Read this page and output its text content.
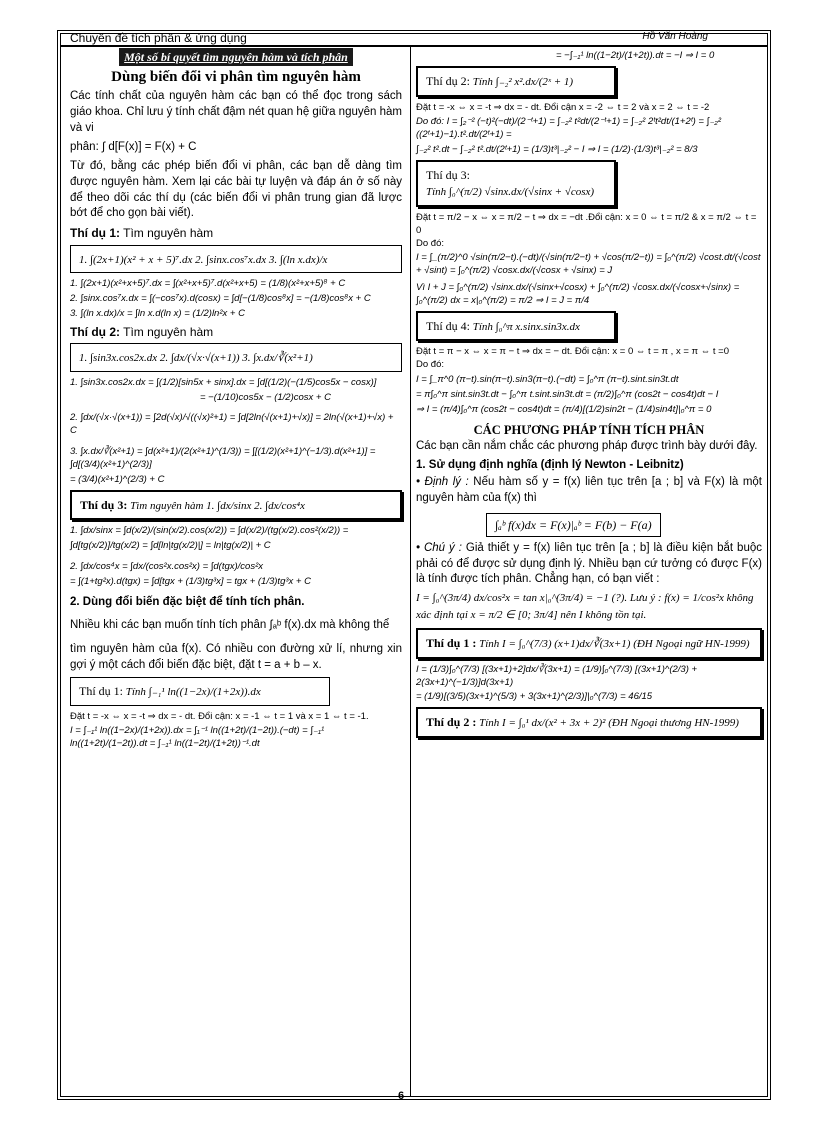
Chuyên đề tích phân & ứng dụng	Hồ Văn Hoàng
Một số bí quyết tìm nguyên hàm và tích phân
Dùng biến đổi vi phân tìm nguyên hàm
Các tính chất của nguyên hàm các bạn có thể đọc trong sách giáo khoa. Chỉ lưu ý tính chất đậm nét quan hệ giữa nguyên hàm và vi
phân: ∫ d[F(x)] = F(x) + C
Từ đó, bằng các phép biến đổi vi phân, các bạn dễ dàng tìm được nguyên hàm. Xem lại các bài tự luyện và đáp án ở số này để theo dõi các thí dụ (các biến đổi vi phân trung gian đã lược bớt để cho gọn bài viết).
Thí dụ 1: Tìm nguyên hàm
1. ∫(2x+1)(x² + x + 5)⁷.dx 2. ∫sinx.cos⁷x.dx 3. ∫(ln x.dx)/x
1. ∫(2x+1)(x²+x+5)⁷.dx = ∫(x²+x+5)⁷.d(x²+x+5) = (1/8)(x²+x+5)⁸ + C
2. ∫sinx.cos⁷x.dx = ∫(−cos⁷x).d(cosx) = ∫d[−(1/8)cos⁸x] = −(1/8)cos⁸x + C
3. ∫(ln x.dx)/x = ∫ln x.d(ln x) = (1/2)ln²x + C
Thí dụ 2: Tìm nguyên hàm
1. ∫sin3x.cos2x.dx 2. ∫dx/(√x·√(x+1)) 3. ∫x.dx/∛(x²+1)
1. ∫sin3x.cos2x.dx = ∫(1/2)[sin5x + sinx].dx = ∫d[(1/2)(−(1/5)cos5x − cosx)]
= −(1/10)cos5x − (1/2)cosx + C
2. ∫dx/(√x·√(x+1)) = ∫2d(√x)/√((√x)²+1) = ∫d[2ln(√(x+1)+√x)] = 2ln(√(x+1)+√x) + C
3. ∫x.dx/∛(x²+1) = ∫d(x²+1)/(2(x²+1)^(1/3)) = ∫[(1/2)(x²+1)^(−1/3).d(x²+1)] = ∫d[(3/4)(x²+1)^(2/3)]
= (3/4)(x²+1)^(2/3) + C
Thí dụ 3: Tìm nguyên hàm 1. ∫dx/sinx 2. ∫dx/cos⁴x
1. ∫dx/sinx = ∫d(x/2)/(sin(x/2).cos(x/2)) = ∫d(x/2)/(tg(x/2).cos²(x/2)) =
∫d[tg(x/2)]/tg(x/2) = ∫d[ln|tg(x/2)|] = ln|tg(x/2)| + C
2. ∫dx/cos⁴x = ∫dx/(cos²x.cos²x) = ∫d(tgx)/cos²x
= ∫(1+tg²x).d(tgx) = ∫d[tgx + (1/3)tg³x] = tgx + (1/3)tg³x + C
2. Dùng đổi biến đặc biệt để tính tích phân.
Nhiều khi các bạn muốn tính tích phân ∫ₐᵇ f(x).dx mà không thể
tìm nguyên hàm của f(x). Có nhiều con đường xử lí, nhưng xin gợi ý một cách đổi biến đặc biệt, đặt t = a + b – x.
Thí dụ 1: Tính ∫₋₁¹ ln((1−2x)/(1+2x)).dx
Đặt t = -x ⇔ x = -t ⇒ dx = - dt. Đổi cận: x = -1 ⇔ t = 1 và x = 1 ⇔ t = -1.
I = ∫₋₁¹ ln((1−2x)/(1+2x)).dx = ∫₁⁻¹ ln((1+2t)/(1−2t)).(−dt) = ∫₋₁¹ ln((1+2t)/(1−2t)).dt = ∫₋₁¹ ln((1−2t)/(1+2t))⁻¹.dt
= −∫₋₁¹ ln((1−2t)/(1+2t)).dt = −I ⇒ I = 0
Thí dụ 2: Tính ∫₋₂² x².dx/(2ˣ + 1)
Đặt t = -x ⇔ x = -t ⇒ dx = - dt. Đổi cận x = -2 ⇔ t = 2 và x = 2 ⇔ t = -2
Do đó: I = ∫₂⁻² (−t)²(−dt)/(2⁻ᵗ+1) = ∫₋₂² t²dt/(2⁻ᵗ+1) = ∫₋₂² 2ᵗt²dt/(1+2ᵗ) = ∫₋₂² ((2ᵗ+1)−1).t².dt/(2ᵗ+1) =
∫₋₂² t².dt − ∫₋₂² t².dt/(2ᵗ+1) = (1/3)t³|₋₂² − I ⇒ I = (1/2)·(1/3)t³|₋₂² = 8/3
Thí dụ 3: Tính ∫₀^(π/2) √sinx.dx/(√sinx + √cosx)
Đặt t = π/2 − x ⇔ x = π/2 − t ⇒ dx = −dt .Đổi cận: x = 0 ⇔ t = π/2 & x = π/2 ⇔ t = 0
Do đó:
I = ∫_(π/2)^0 √sin(π/2−t).(−dt)/(√sin(π/2−t) + √cos(π/2−t)) = ∫₀^(π/2) √cost.dt/(√cost + √sint) = ∫₀^(π/2) √cosx.dx/(√cosx + √sinx) = J
Vì I + J = ∫₀^(π/2) √sinx.dx/(√sinx+√cosx) + ∫₀^(π/2) √cosx.dx/(√cosx+√sinx) = ∫₀^(π/2) dx = x|₀^(π/2) = π/2 ⇒ I = J = π/4
Thí dụ 4: Tính ∫₀^π x.sinx.sin3x.dx
Đặt t = π − x ⇔ x = π − t ⇒ dx = − dt. Đổi cận: x = 0 ⇔ t = π , x = π ⇔ t =0
Do đó:
I = ∫_π^0 (π−t).sin(π−t).sin3(π−t).(−dt) = ∫₀^π (π−t).sint.sin3t.dt
= π∫₀^π sint.sin3t.dt − ∫₀^π t.sint.sin3t.dt = (π/2)∫₀^π (cos2t − cos4t)dt − I
⇒ I = (π/4)∫₀^π (cos2t − cos4t)dt = (π/4)[(1/2)sin2t − (1/4)sin4t]|₀^π = 0
CÁC PHƯƠNG PHÁP TÍNH TÍCH PHÂN
Các bạn cần nắm chắc các phương pháp được trình bày dưới đây.
1. Sử dụng định nghĩa (định lý Newton - Leibnitz)
• Định lý : Nếu hàm số y = f(x) liên tục trên [a ; b] và F(x) là một nguyên hàm của f(x) thì
∫ₐᵇ f(x)dx = F(x)|ₐᵇ = F(b) − F(a)
• Chú ý : Giả thiết y = f(x) liên tục trên [a ; b] là điều kiện bắt buộc phải có để được sử dụng định lý. Nhiều bạn cứ tưởng có được F(x) là tính được tích phân. Chẳng hạn, có bạn viết :
I = ∫₀^(3π/4) dx/cos²x = tan x|₀^(3π/4) = −1 (?). Lưu ý : f(x) = 1/cos²x không
xác định tại x = π/2 ∈ [0; 3π/4] nên I không tồn tại.
Thí dụ 1 : Tính I = ∫₀^(7/3) (x+1)dx/∛(3x+1) (ĐH Ngoại ngữ HN-1999)
I = (1/3)∫₀^(7/3) [(3x+1)+2]dx/∛(3x+1) = (1/9)∫₀^(7/3) [(3x+1)^(2/3) + 2(3x+1)^(−1/3)]d(3x+1)
= (1/9)[(3/5)(3x+1)^(5/3) + 3(3x+1)^(2/3)]|₀^(7/3) = 46/15
Thí dụ 2 : Tính I = ∫₀¹ dx/(x² + 3x + 2)² (ĐH Ngoại thương HN-1999)
6
